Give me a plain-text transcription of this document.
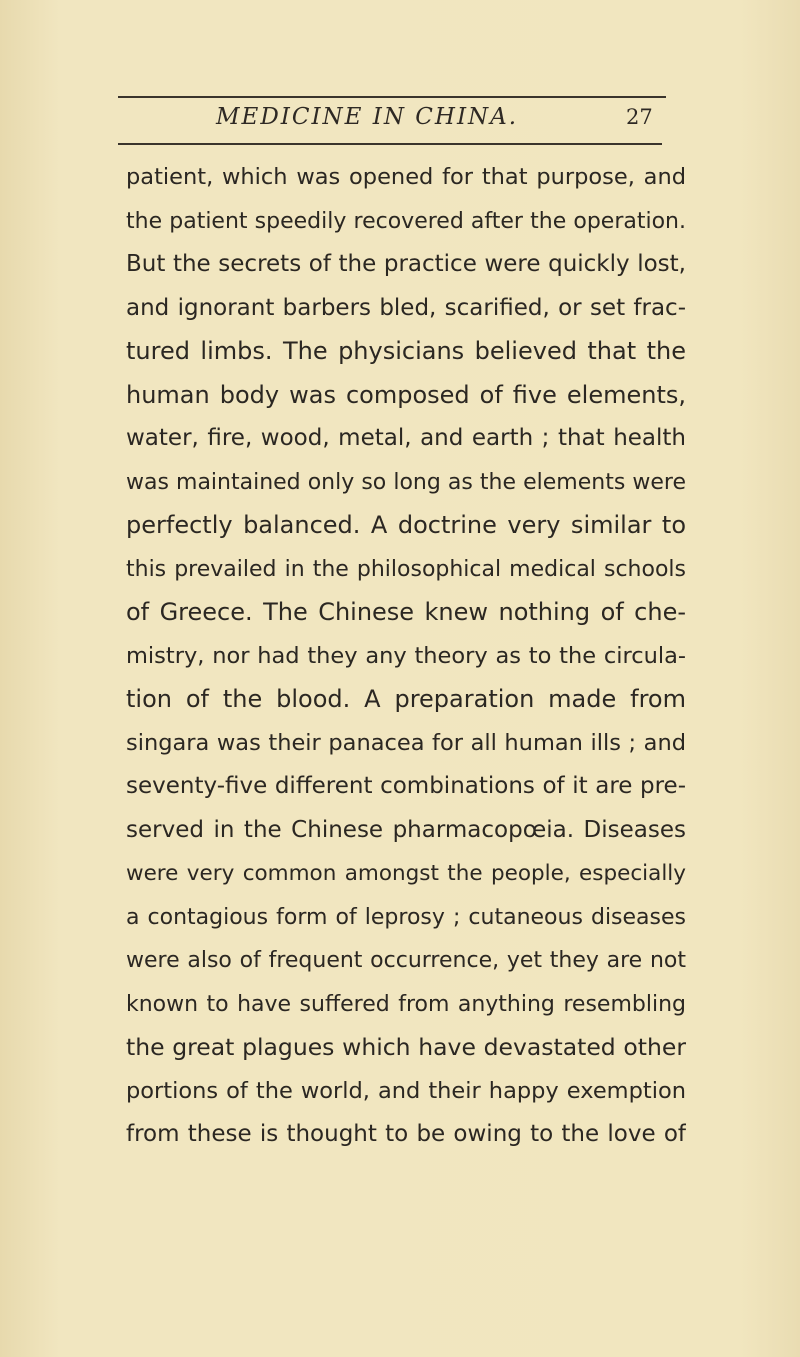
MEDICINE IN CHINA.	27
patient, which was opened for that purpose, and
the patient speedily recovered after the operation.
But the secrets of the practice were quickly lost,
and ignorant barbers bled, scarified, or set frac-
tured limbs. The physicians believed that the
human body was composed of five elements,
water, fire, wood, metal, and earth ; that health
was maintained only so long as the elements were
perfectly balanced. A doctrine very similar to
this prevailed in the philosophical medical schools
of Greece. The Chinese knew nothing of che-
mistry, nor had they any theory as to the circula-
tion of the blood. A preparation made from
singara was their panacea for all human ills ; and
seventy-five different combinations of it are pre-
served in the Chinese pharmacopœia. Diseases
were very common amongst the people, especially
a contagious form of leprosy ; cutaneous diseases
were also of frequent occurrence, yet they are not
known to have suffered from anything resembling
the great plagues which have devastated other
portions of the world, and their happy exemption
from these is thought to be owing to the love of
